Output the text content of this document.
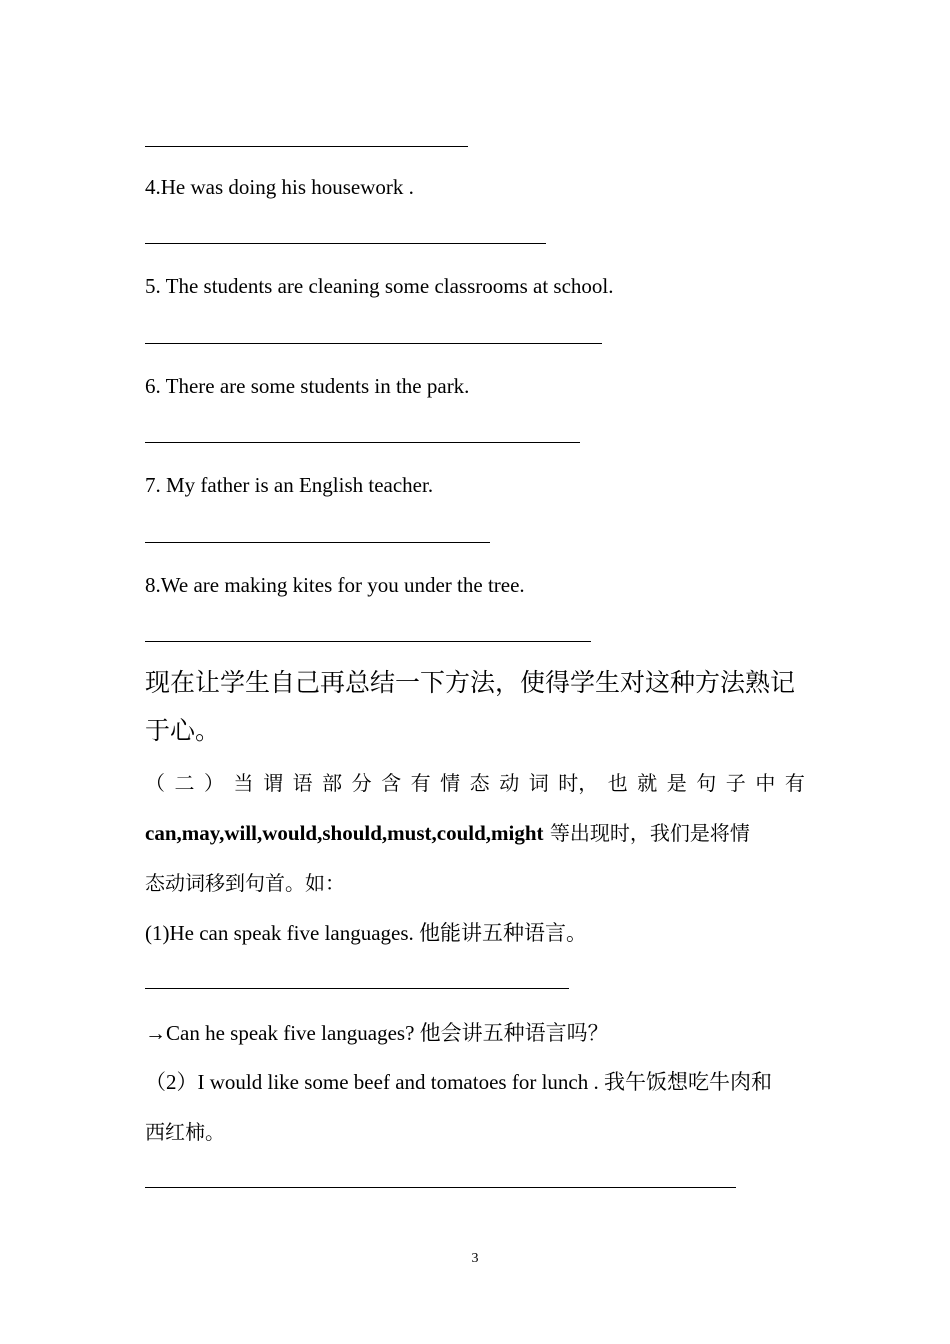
4.He was doing his housework .
5. The students are cleaning some classrooms at school.
6. There are some students in the park.
7. My father is an English teacher.
8.We are making kites for you under the tree.
现在让学生自己再总结一下方法，使得学生对这种方法熟记
于心。
（ 二 ） 当 谓 语 部 分 含 有 情 态 动 词 时， 也 就 是 句 子 中 有
can,may,will,would,should,must,could,might 等出现时，我们是将情
态动词移到句首。如：
(1)He can speak five languages. 他能讲五种语言。
→Can he speak five languages? 他会讲五种语言吗？
（2）I would like some beef and tomatoes for lunch . 我午饭想吃牛肉和
西红柿。
3
